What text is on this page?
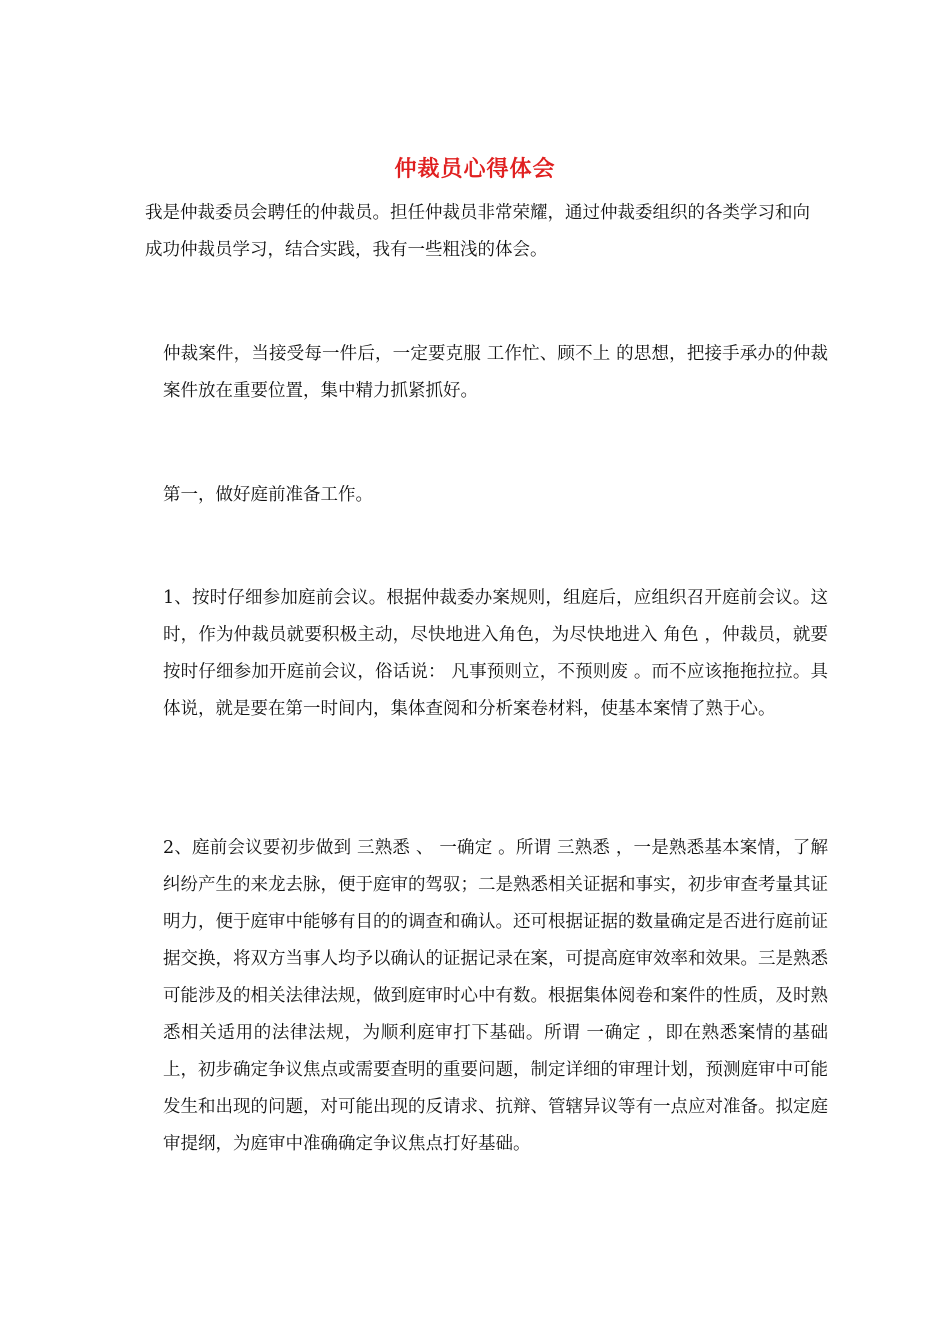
仲裁员心得体会

我是仲裁委员会聘任的仲裁员。担任仲裁员非常荣耀，通过仲裁委组织的各类学习和向成功仲裁员学习，结合实践，我有一些粗浅的体会。

仲裁案件，当接受每一件后，一定要克服 工作忙、顾不上 的思想，把接手承办的仲裁案件放在重要位置，集中精力抓紧抓好。

第一，做好庭前准备工作。

1、按时仔细参加庭前会议。根据仲裁委办案规则，组庭后，应组织召开庭前会议。这时，作为仲裁员就要积极主动，尽快地进入角色，为尽快地进入 角色 ，仲裁员，就要按时仔细参加开庭前会议，俗话说： 凡事预则立，不预则废 。而不应该拖拖拉拉。具体说，就是要在第一时间内，集体查阅和分析案卷材料，使基本案情了熟于心。

2、庭前会议要初步做到 三熟悉 、 一确定 。所谓 三熟悉 ，一是熟悉基本案情，了解纠纷产生的来龙去脉，便于庭审的驾驭；二是熟悉相关证据和事实，初步审查考量其证明力，便于庭审中能够有目的的调查和确认。还可根据证据的数量确定是否进行庭前证据交换，将双方当事人均予以确认的证据记录在案，可提高庭审效率和效果。三是熟悉可能涉及的相关法律法规，做到庭审时心中有数。根据集体阅卷和案件的性质，及时熟悉相关适用的法律法规，为顺利庭审打下基础。所谓 一确定 ，即在熟悉案情的基础上，初步确定争议焦点或需要查明的重要问题，制定详细的审理计划，预测庭审中可能发生和出现的问题，对可能出现的反请求、抗辩、管辖异议等有一点应对准备。拟定庭审提纲，为庭审中准确确定争议焦点打好基础。
